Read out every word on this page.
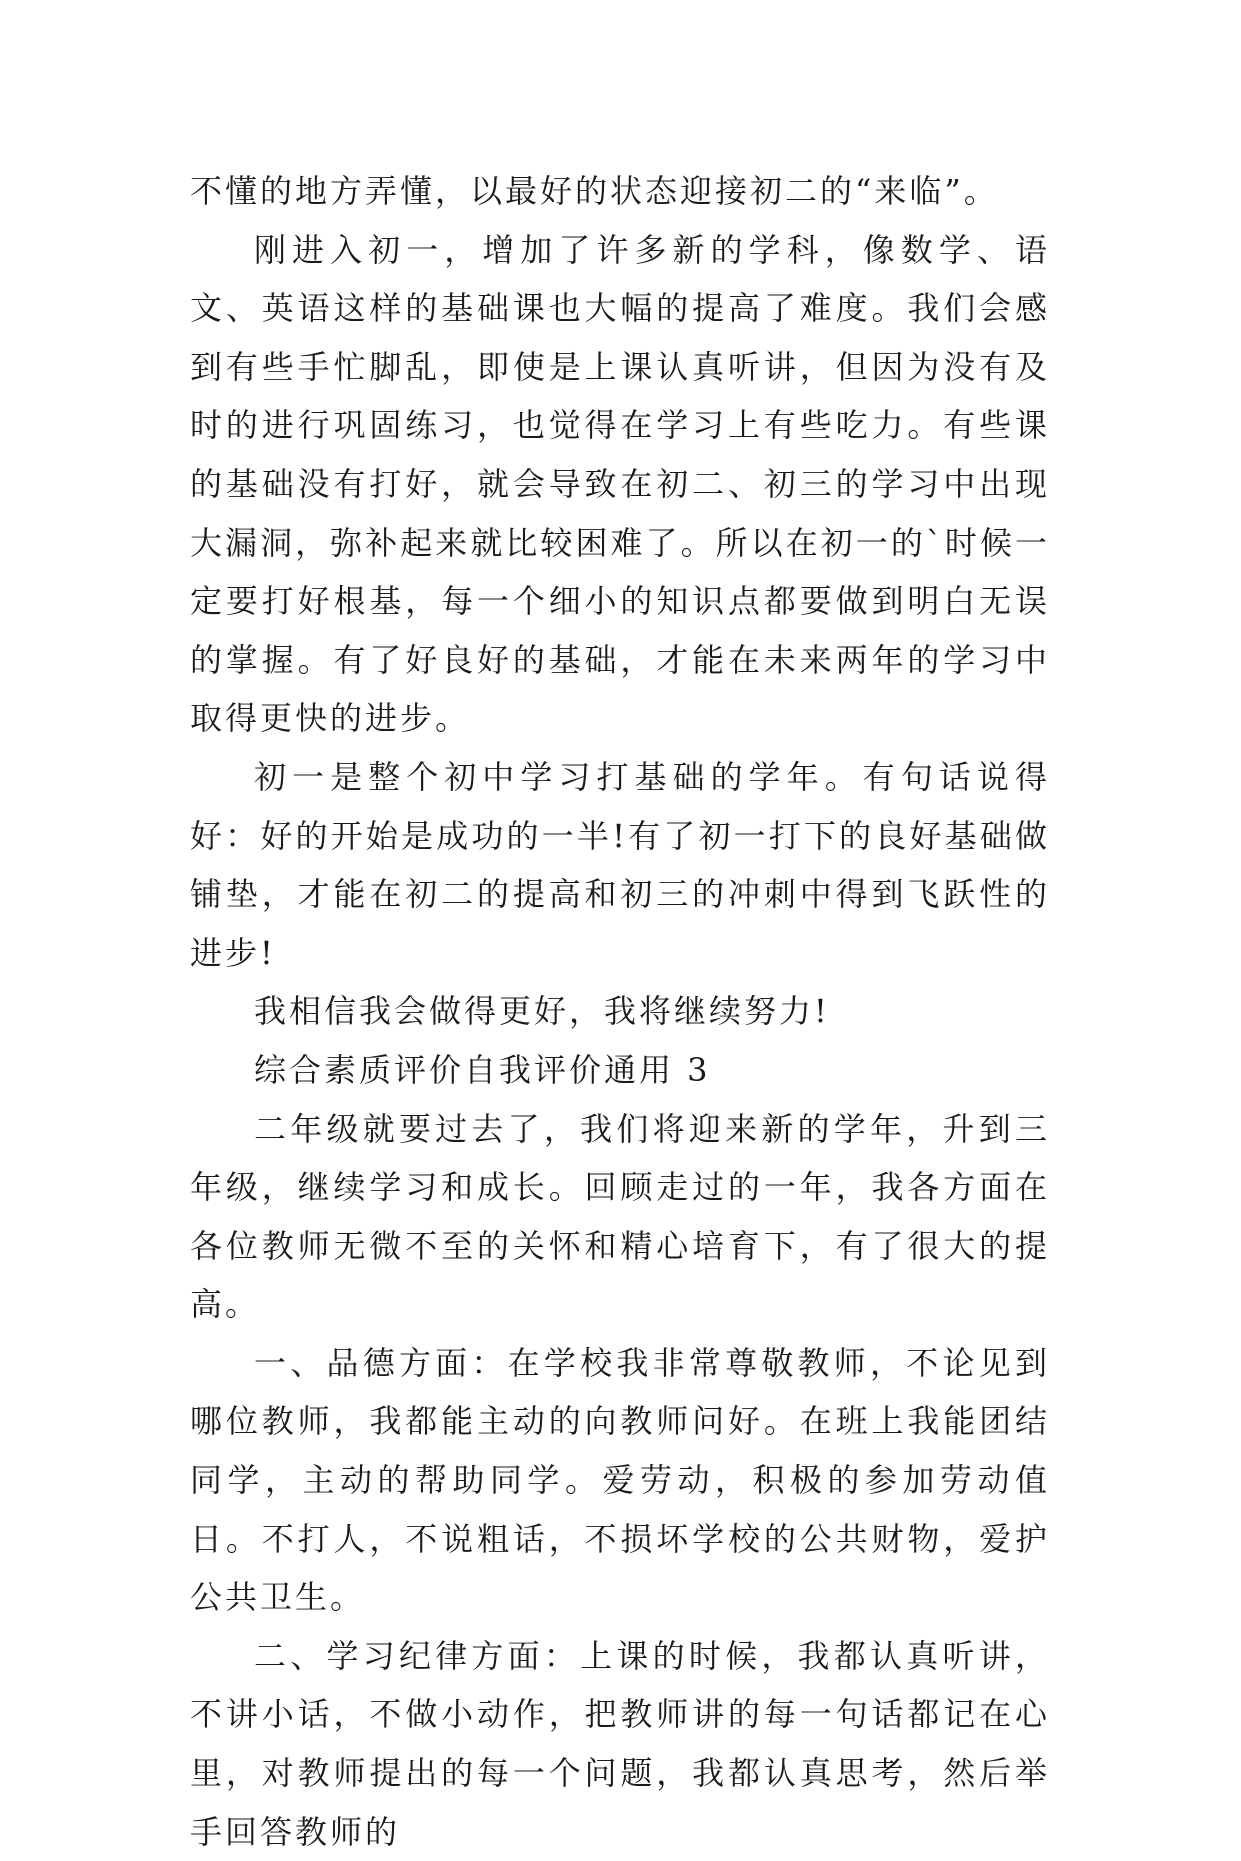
不懂的地方弄懂，以最好的状态迎接初二的“来临”。

刚进入初一，增加了许多新的学科，像数学、语文、英语这样的基础课也大幅的提高了难度。我们会感到有些手忙脚乱，即使是上课认真听讲，但因为没有及时的进行巩固练习，也觉得在学习上有些吃力。有些课的基础没有打好，就会导致在初二、初三的学习中出现大漏洞，弥补起来就比较困难了。所以在初一的`时候一定要打好根基，每一个细小的知识点都要做到明白无误的掌握。有了好良好的基础，才能在未来两年的学习中取得更快的进步。

初一是整个初中学习打基础的学年。有句话说得好：好的开始是成功的一半!有了初一打下的良好基础做铺垫，才能在初二的提高和初三的冲刺中得到飞跃性的进步!

我相信我会做得更好，我将继续努力!

综合素质评价自我评价通用 3

二年级就要过去了，我们将迎来新的学年，升到三年级，继续学习和成长。回顾走过的一年，我各方面在各位教师无微不至的关怀和精心培育下，有了很大的提高。

一、品德方面：在学校我非常尊敬教师，不论见到哪位教师，我都能主动的向教师问好。在班上我能团结同学，主动的帮助同学。爱劳动，积极的参加劳动值日。不打人，不说粗话，不损坏学校的公共财物，爱护公共卫生。

二、学习纪律方面：上课的时候，我都认真听讲，不讲小话，不做小动作，把教师讲的每一句话都记在心里，对教师提出的每一个问题，我都认真思考，然后举手回答教师的
